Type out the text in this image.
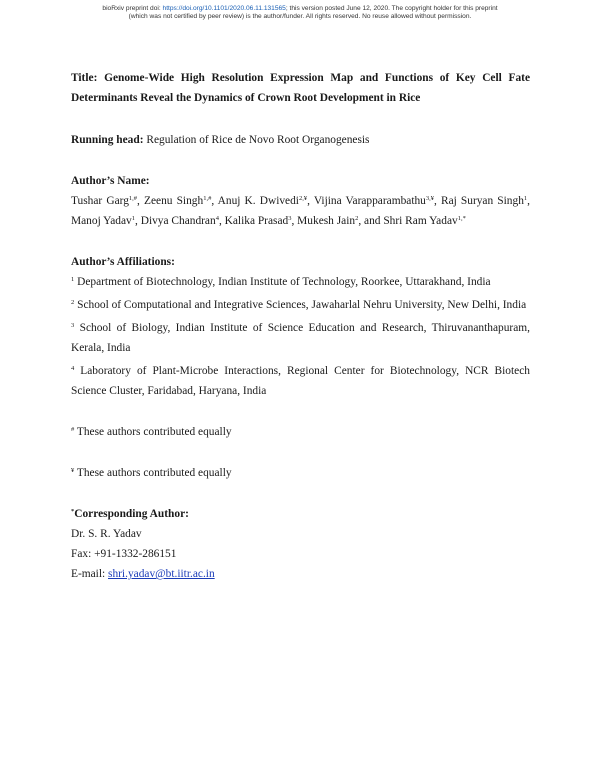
bioRxiv preprint doi: https://doi.org/10.1101/2020.06.11.131565; this version posted June 12, 2020. The copyright holder for this preprint
(which was not certified by peer review) is the author/funder. All rights reserved. No reuse allowed without permission.
Title: Genome-Wide High Resolution Expression Map and Functions of Key Cell Fate Determinants Reveal the Dynamics of Crown Root Development in Rice

Running head: Regulation of Rice de Novo Root Organogenesis

Author’s Name:

Tushar Garg$^{1,\#}$, Zeenu Singh$^{1,\#}$, Anuj K. Dwivedi$^{2,¥}$, Vijina Varapparambathu$^{3,¥}$, Raj Suryan Singh$^1$, Manoj Yadav$^1$, Divya Chandran$^4$, Kalika Prasad$^3$, Mukesh Jain$^2$, and Shri Ram Yadav$^{1,*}$

Author’s Affiliations:

$^1$ Department of Biotechnology, Indian Institute of Technology, Roorkee, Uttarakhand, India

$^2$ School of Computational and Integrative Sciences, Jawaharlal Nehru University, New Delhi, India

$^3$ School of Biology, Indian Institute of Science Education and Research, Thiruvananthapuram, Kerala, India

$^4$ Laboratory of Plant-Microbe Interactions, Regional Center for Biotechnology, NCR Biotech Science Cluster, Faridabad, Haryana, India

# These authors contributed equally

¥ These authors contributed equally

*Corresponding Author:

Dr. S. R. Yadav

Fax: +91-1332-286151

E-mail: shri.yadav@bt.iitr.ac.in
